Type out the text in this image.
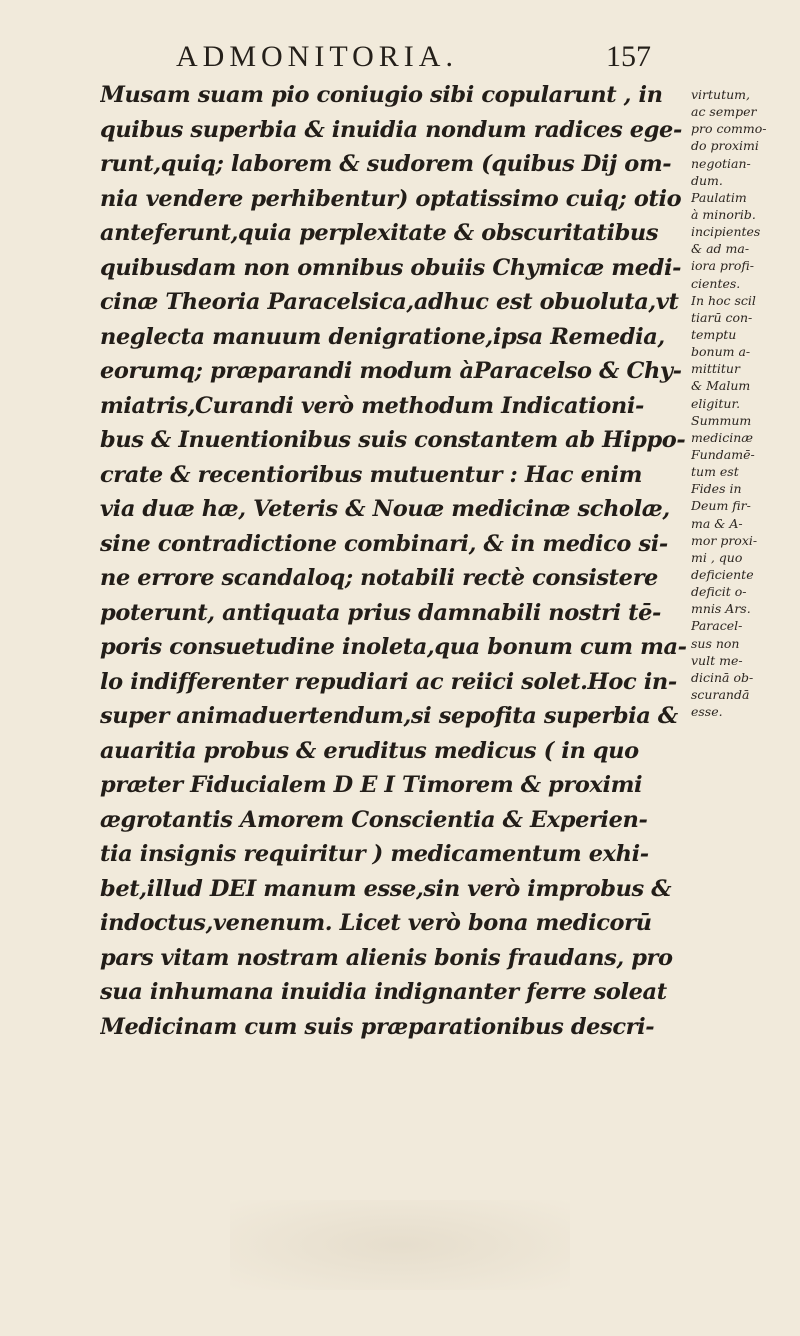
ADMONITORIA.	157
Musam suam pio coniugio sibi copularunt , in
quibus superbia & inuidia nondum radices ege-
runt,quiq; laborem & sudorem (quibus Dij om-
nia vendere perhibentur) optatissimo cuiq; otio
anteferunt,quia perplexitate & obscuritatibus
quibusdam non omnibus obuiis Chymicæ medi-
cinæ Theoria Paracelsica,adhuc est obuoluta,vt
neglecta manuum denigratione,ipsa Remedia,
eorumq; præparandi modum àParacelso & Chy-
miatris,Curandi verò methodum Indicationi-
bus & Inuentionibus suis constantem ab Hippo-
crate & recentioribus mutuentur : Hac enim
via duæ hæ, Veteris & Nouæ medicinæ scholæ,
sine contradictione combinari, & in medico si-
ne errore scandaloq; notabili rectè consistere
poterunt, antiquata prius damnabili nostri tē-
poris consuetudine inoleta,qua bonum cum ma-
lo indifferenter repudiari ac reiici solet.Hoc in-
super animaduertendum,si sepofita superbia &
auaritia probus & eruditus medicus ( in quo
præter Fiducialem D E I Timorem & proximi
ægrotantis Amorem Conscientia & Experien-
tia insignis requiritur ) medicamentum exhi-
bet,illud DEI manum esse,sin verò improbus &
indoctus,venenum. Licet verò bona medicorū
pars vitam nostram alienis bonis fraudans, pro
sua inhumana inuidia indignanter ferre soleat
Medicinam cum suis præparationibus descri-
virtutum,
ac semper
pro commo-
do proximi
negotian-
dum.
Paulatim
à minorib.
incipientes
& ad ma-
iora profi-
cientes.
In hoc scil
tiarū con-
temptu
bonum a-
mittitur
& Malum
eligitur.
Summum
medicinæ
Fundamē-
tum est
Fides in
Deum fir-
ma & A-
mor proxi-
mi , quo
deficiente
deficit o-
mnis Ars.
Paracel-
sus non
vult me-
dicinā ob-
scurandā
esse.
